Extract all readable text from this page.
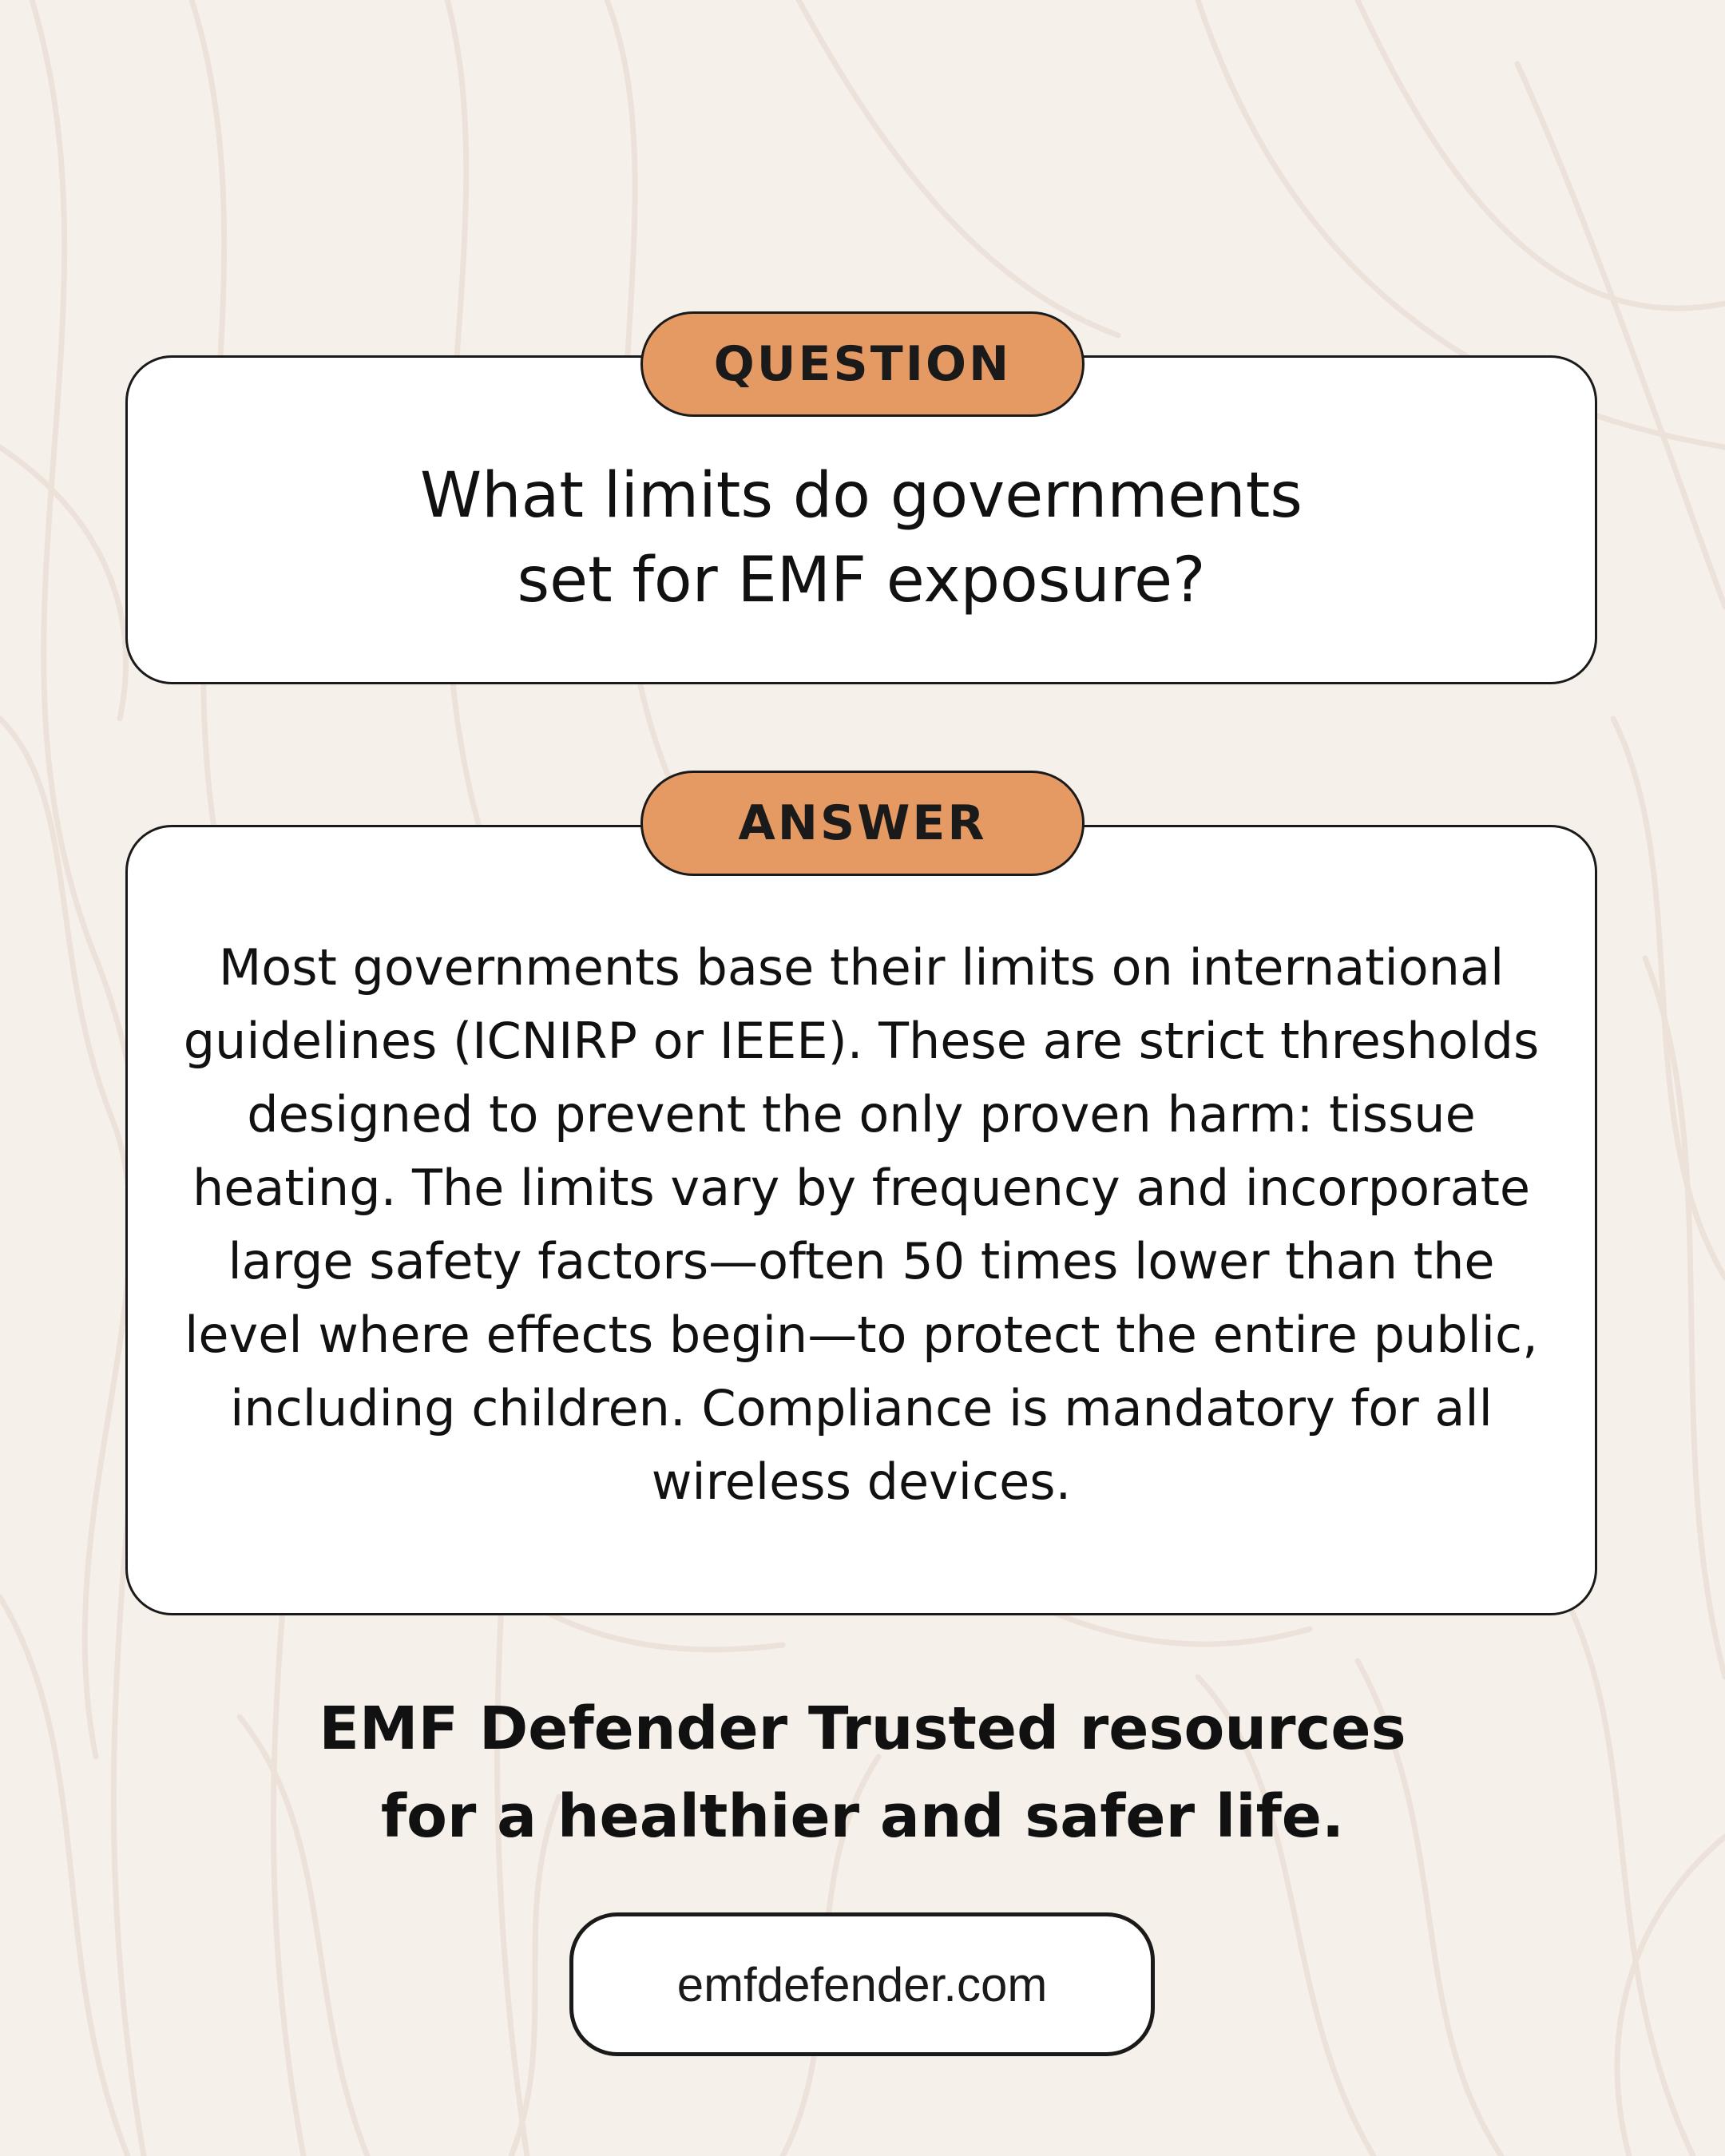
What limits do governments set for EMF exposure?

QUESTION

Most governments base their limits on international guidelines (ICNIRP or IEEE). These are strict thresholds designed to prevent the only proven harm: tissue heating. The limits vary by frequency and incorporate large safety factors—often 50 times lower than the level where effects begin—to protect the entire public, including children. Compliance is mandatory for all wireless devices.

ANSWER

EMF Defender Trusted resources
for a healthier and safer life.

emfdefender.com
